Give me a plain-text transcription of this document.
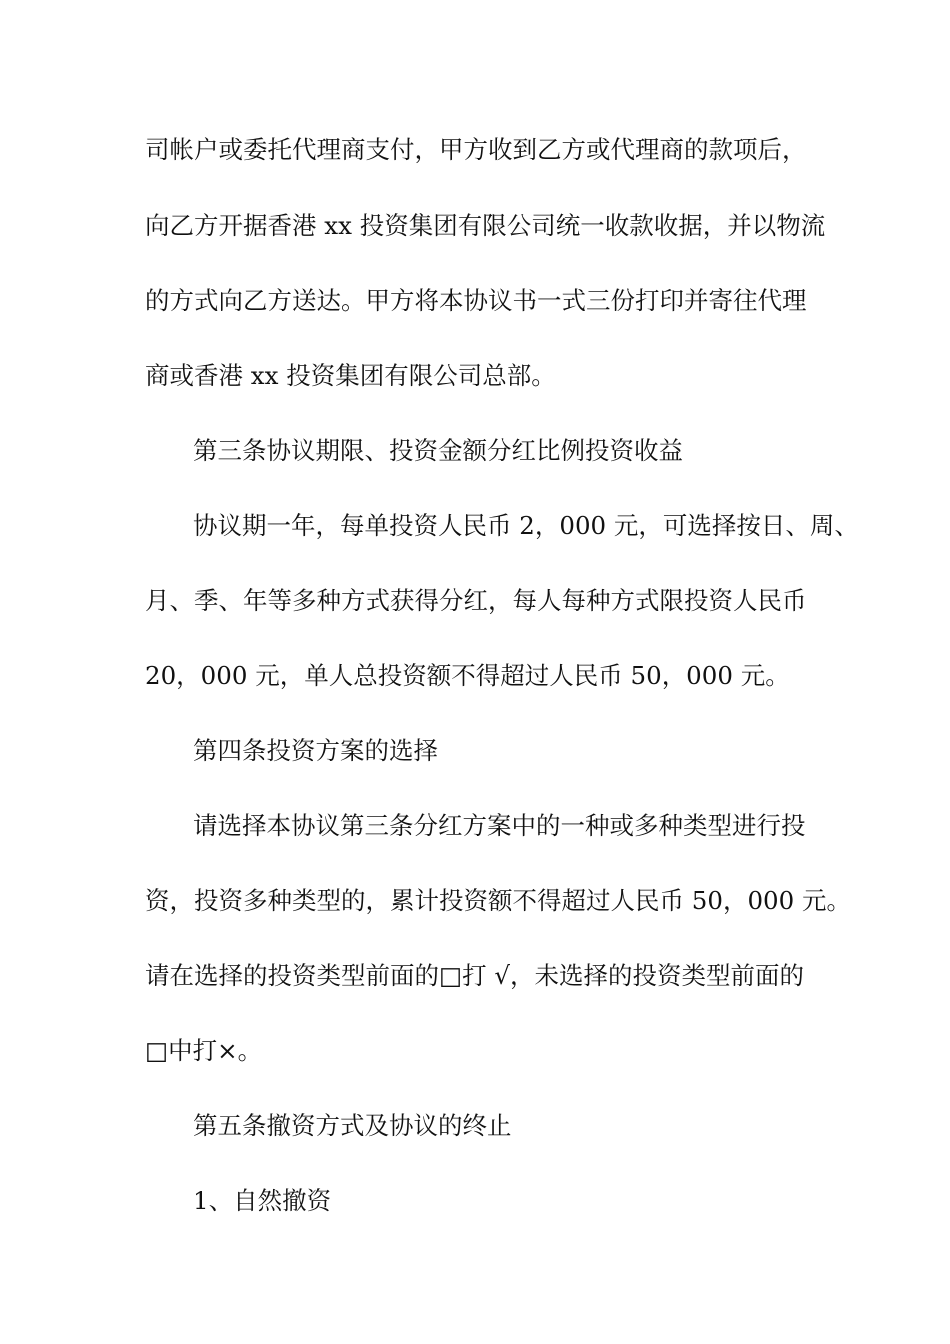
司帐户或委托代理商支付，甲方收到乙方或代理商的款项后，
向乙方开据香港 xx 投资集团有限公司统一收款收据，并以物流
的方式向乙方送达。甲方将本协议书一式三份打印并寄往代理
商或香港 xx 投资集团有限公司总部。
第三条协议期限、投资金额分红比例投资收益
协议期一年，每单投资人民币 2，000 元，可选择按日、周、
月、季、年等多种方式获得分红，每人每种方式限投资人民币
20，000 元，单人总投资额不得超过人民币 50，000 元。
第四条投资方案的选择
请选择本协议第三条分红方案中的一种或多种类型进行投
资，投资多种类型的，累计投资额不得超过人民币 50，000 元。
请在选择的投资类型前面的□打 √，未选择的投资类型前面的
□中打×。
第五条撤资方式及协议的终止
1、自然撤资
